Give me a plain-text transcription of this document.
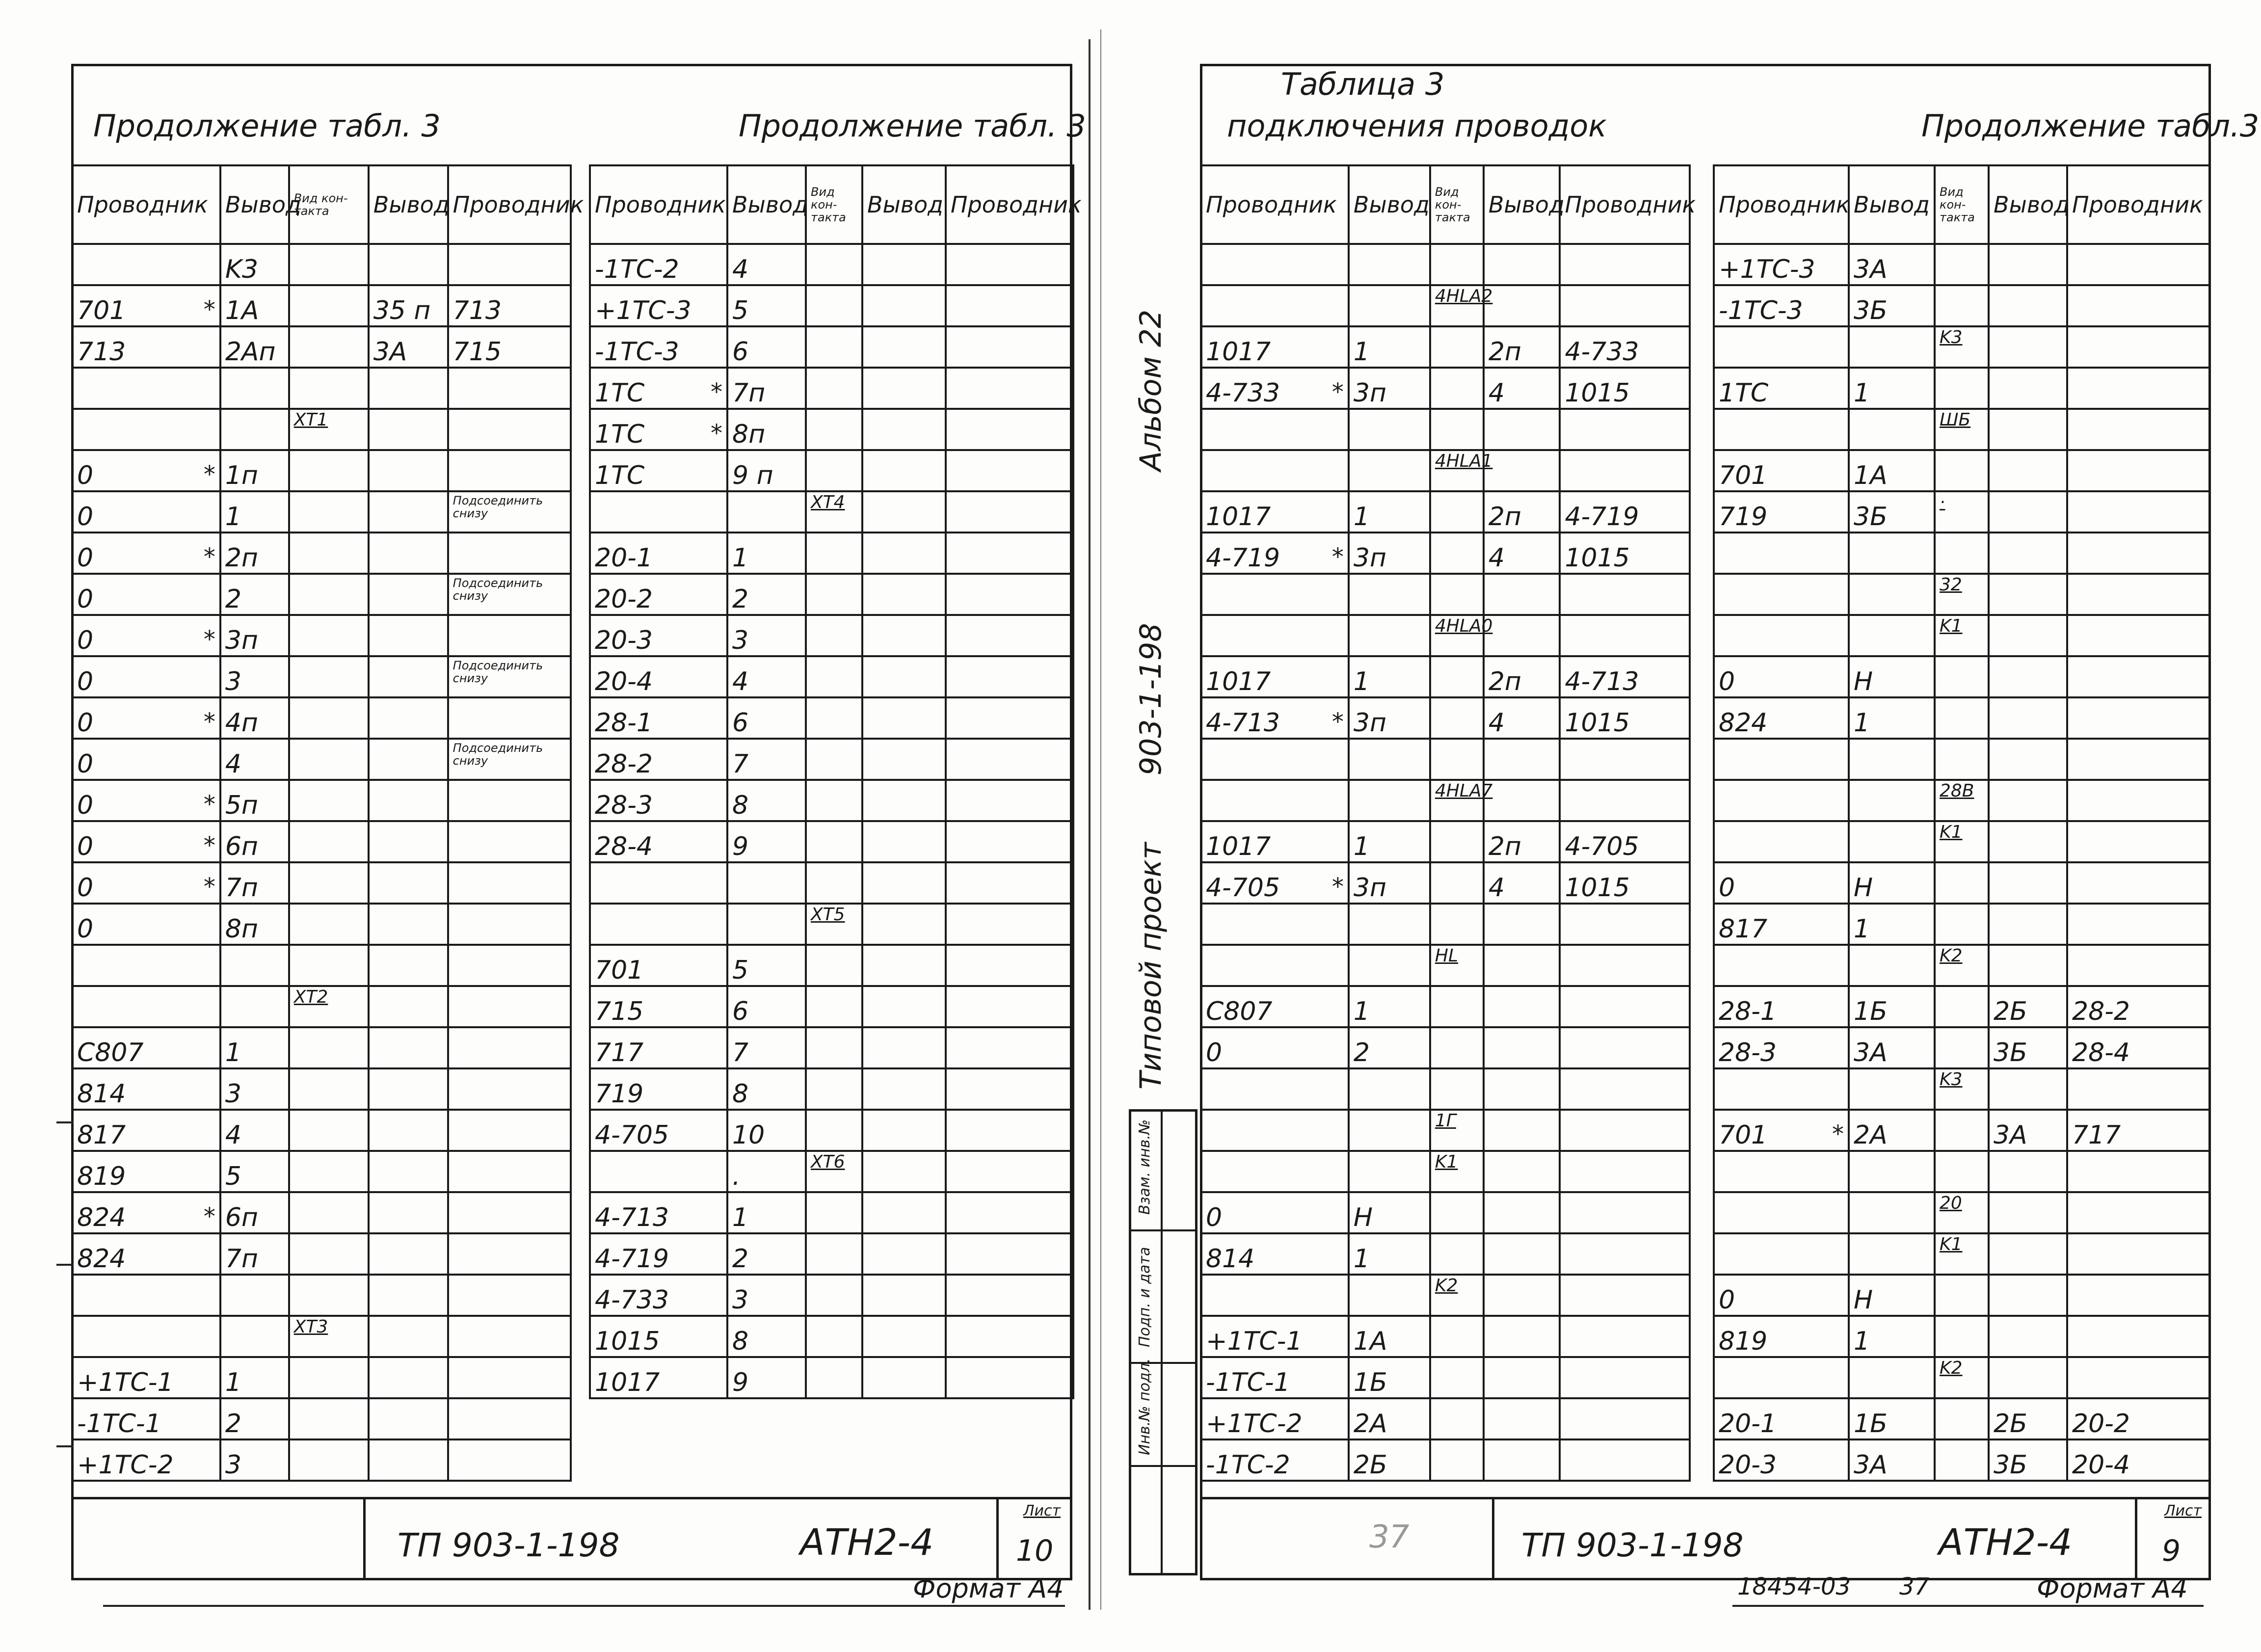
Продолжение табл. 3	Продолжение табл. 3
Проводник	Вывод	Вид кон- такта	Вывод	Проводник

	K3			
701 *	1A		35 п	713
713	2Aп		3A	715

		XT1		
0 *	1п			
0	1			Подсоединить снизу
0 *	2п			
0	2			Подсоединить снизу
0 *	3п			
0	3			Подсоединить снизу
0 *	4п			
0	4			Подсоединить снизу
0 *	5п			
0 *	6п			
0 *	7п			
0	8п			

		XT2		
C807	1			
814	3			
817	4			
819	5			
824 *	6п			
824	7п			

		XT3		
+1TC-1	1			
-1TC-1	2			
+1TC-2	3			
Проводник	Вывод	Вид кон- такта	Вывод	Проводник
-1TC-2	4			
+1TC-3	5			
-1TC-3	6			
1TC *	7п			
1TC *	8п			
1TC	9 п			

		XT4		
20-1	1			
20-2	2			
20-3	3			
20-4	4			
28-1	6			
28-2	7			
28-3	8			
28-4	9			

		XT5		
701	5			
715	6			
717	7			
719	8			
4-705	10			

	.	XT6		
4-713	1			
4-719	2			
4-733	3			
1015	8			
1017	9			
ТП 903-1-198	АТН2-4
Лист
10
Формат А4
Альбом 22
903-1-198
Типовой проект
Взам. инв.№
Подп. и дата
Инв.№ подл.
Таблица 3
подключения проводок	Продолжение табл.3
Проводник	Вывод	Вид кон- такта	Вывод	Проводник

		4HLA2		
1017	1		2п	4-733
4-733 *	3п		4	1015

		4HLA1		
1017	1		2п	4-719
4-719 *	3п		4	1015

		4HLA0		
1017	1		2п	4-713
4-713 *	3п		4	1015

		4HLA7		
1017	1		2п	4-705
4-705 *	3п		4	1015

		HL		
C807	1			
0	2			

		1Г		

		K1		
0	Н			
814	1			

		K2		
+1TC-1	1A			
-1TC-1	1Б			
+1TC-2	2A			
-1TC-2	2Б			
Проводник	Вывод	Вид кон- такта	Вывод	Проводник
+1TC-3	3A			
-1TC-3	3Б			

		K3		
1TC	1			

		ШБ		
701	1A			
719	3Б	·		

		32		

		K1		
0	Н			
824	1			

		28B		

		K1		
0	Н			
817	1			

		K2		
28-1	1Б		2Б	28-2
28-3	3A		3Б	28-4

		K3		
701 *	2A		3A	717

		20		

		K1		
0	Н			
819	1			

		K2		
20-1	1Б		2Б	20-2
20-3	3A		3Б	20-4
37	ТП 903-1-198	АТН2-4
Лист
9
18454-03 37	Формат А4
